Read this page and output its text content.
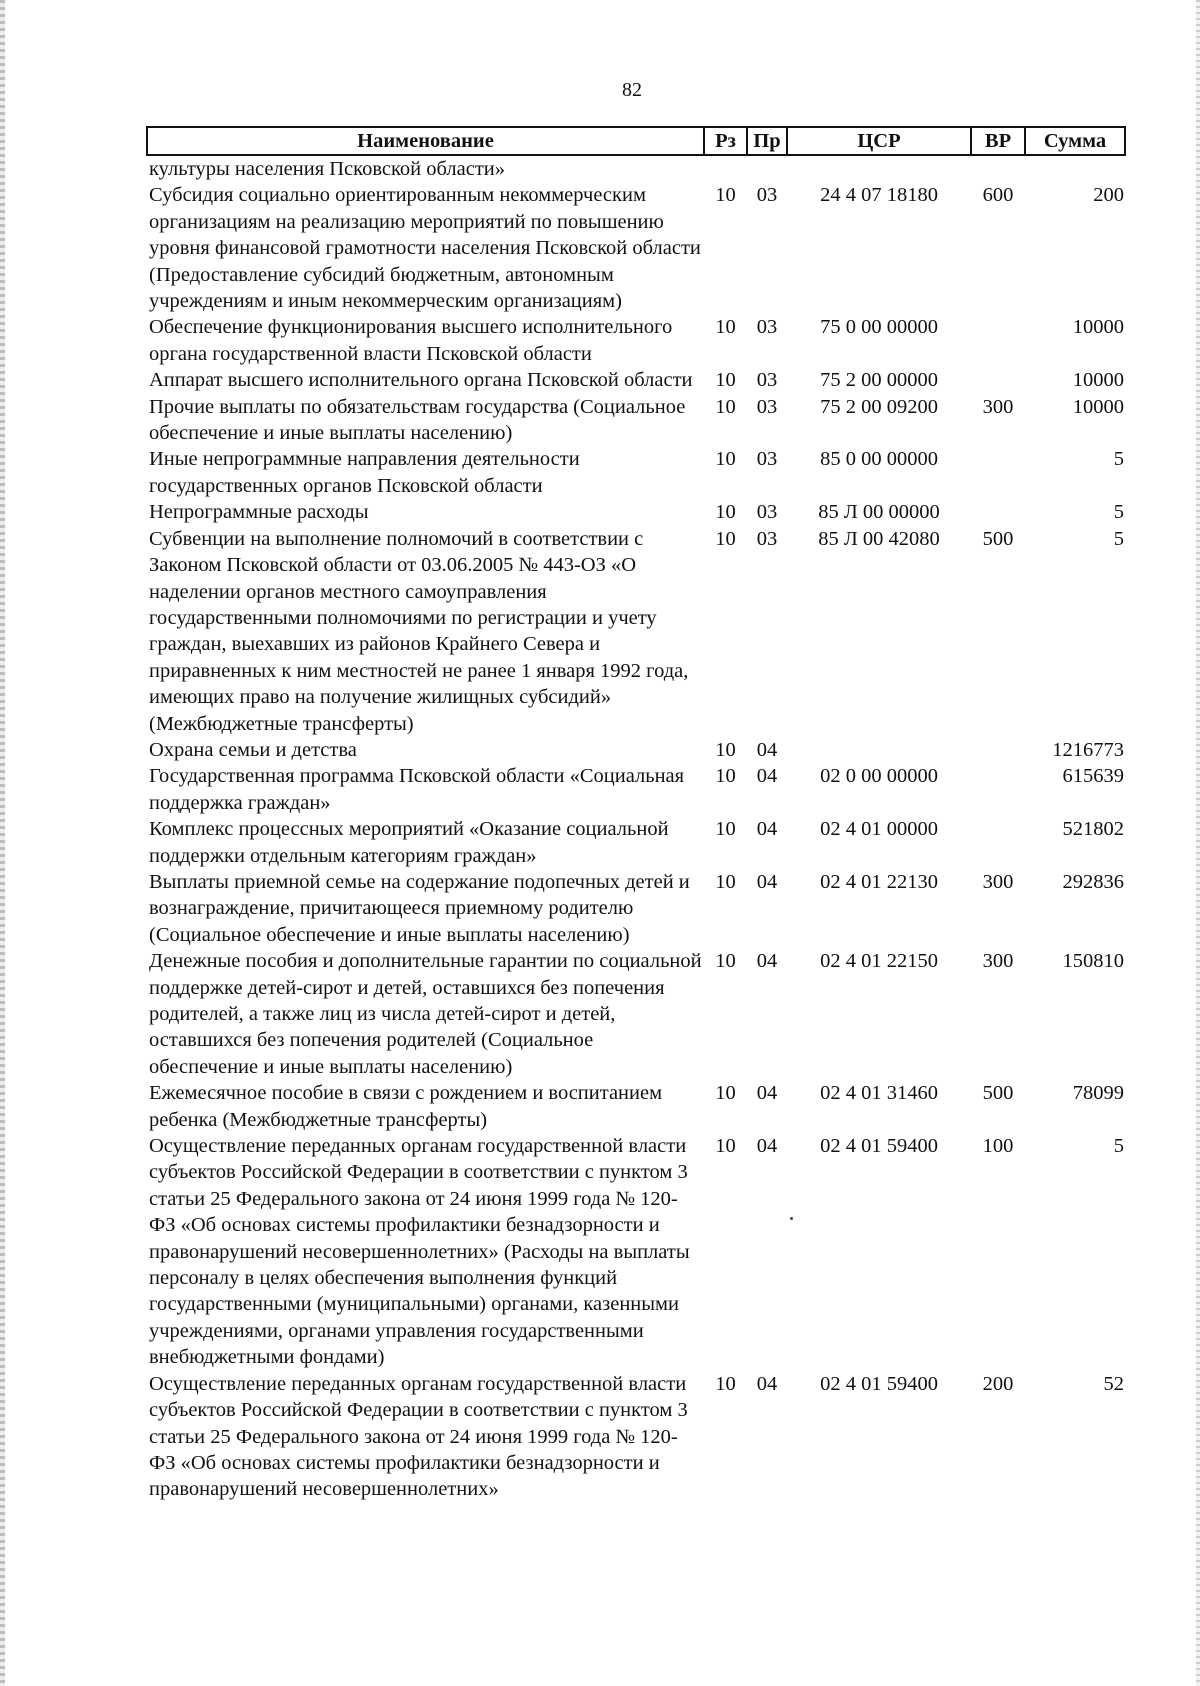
82
Наименование	Рз	Пр	ЦСР	ВР	Сумма
культуры населения Псковской области»					
Субсидия социально ориентированным некоммерческим организациям на реализацию мероприятий по повышению уровня финансовой грамотности населения Псковской области (Предоставление субсидий бюджетным, автономным учреждениям и иным некоммерческим организациям)	10	03	24 4 07 18180	600	200
Обеспечение функционирования высшего исполнительного органа государственной власти Псковской области	10	03	75 0 00 00000		10000
Аппарат высшего исполнительного органа Псковской области	10	03	75 2 00 00000		10000
Прочие выплаты по обязательствам государства (Социальное обеспечение и иные выплаты населению)	10	03	75 2 00 09200	300	10000
Иные непрограммные направления деятельности государственных органов Псковской области	10	03	85 0 00 00000		5
Непрограммные расходы	10	03	85 Л 00 00000		5
Субвенции на выполнение полномочий в соответствии с Законом Псковской области от 03.06.2005 № 443-ОЗ «О наделении органов местного самоуправления государственными полномочиями по регистрации и учету граждан, выехавших из районов Крайнего Севера и приравненных к ним местностей не ранее 1 января 1992 года, имеющих право на получение жилищных субсидий» (Межбюджетные трансферты)	10	03	85 Л 00 42080	500	5
Охрана семьи и детства	10	04			1216773
Государственная программа Псковской области «Социальная поддержка граждан»	10	04	02 0 00 00000		615639
Комплекс процессных мероприятий «Оказание социальной поддержки отдельным категориям граждан»	10	04	02 4 01 00000		521802
Выплаты приемной семье на содержание подопечных детей и вознаграждение, причитающееся приемному родителю (Социальное обеспечение и иные выплаты населению)	10	04	02 4 01 22130	300	292836
Денежные пособия и дополнительные гарантии по социальной поддержке детей-сирот и детей, оставшихся без попечения родителей, а также лиц из числа детей-сирот и детей, оставшихся без попечения родителей (Социальное обеспечение и иные выплаты населению)	10	04	02 4 01 22150	300	150810
Ежемесячное пособие в связи с рождением и воспитанием ребенка (Межбюджетные трансферты)	10	04	02 4 01 31460	500	78099
Осуществление переданных органам государственной власти субъектов Российской Федерации в соответствии с пунктом 3 статьи 25 Федерального закона от 24 июня 1999 года № 120-ФЗ «Об основах системы профилактики безнадзорности и правонарушений несовершеннолетних» (Расходы на выплаты персоналу в целях обеспечения выполнения функций государственными (муниципальными) органами, казенными учреждениями, органами управления государственными внебюджетными фондами)	10	04	02 4 01 59400	100	5
Осуществление переданных органам государственной власти субъектов Российской Федерации в соответствии с пунктом 3 статьи 25 Федерального закона от 24 июня 1999 года № 120-ФЗ «Об основах системы профилактики безнадзорности и правонарушений несовершеннолетних»	10	04	02 4 01 59400	200	52
